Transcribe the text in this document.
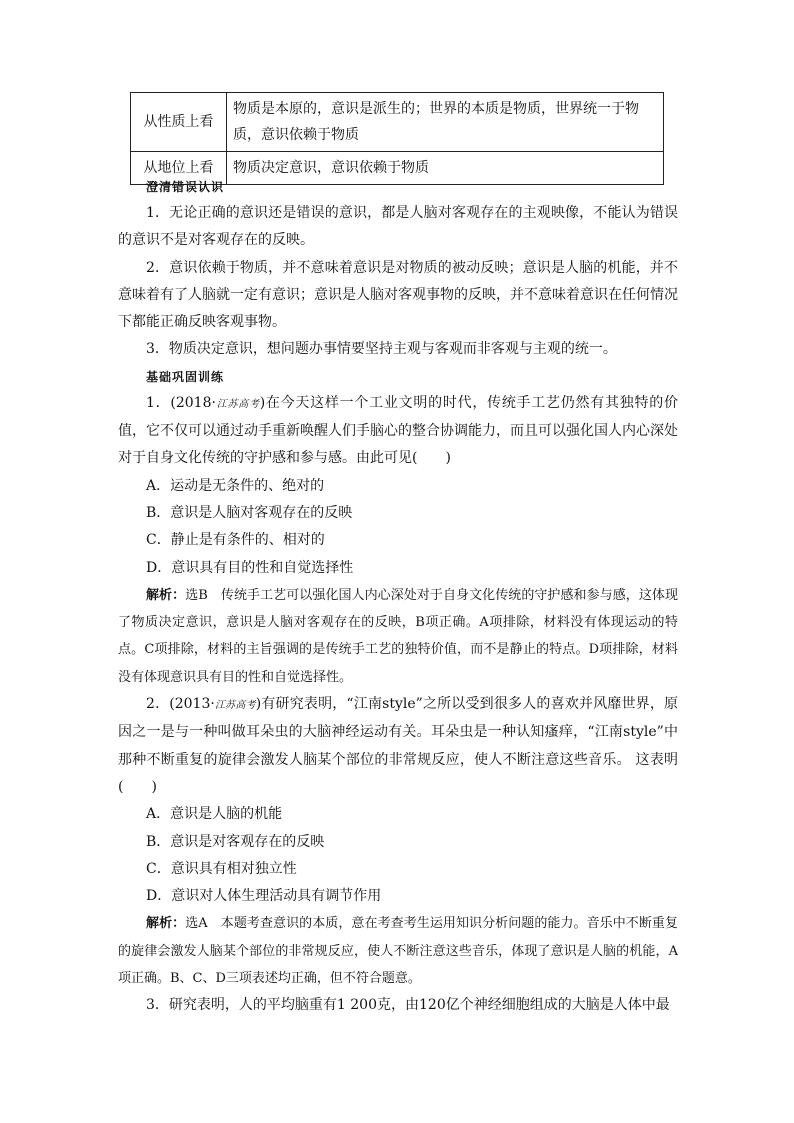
从性质上看	物质是本原的，意识是派生的；世界的本质是物质，世界统一于物质，意识依赖于物质
从地位上看	物质决定意识，意识依赖于物质
澄清错误认识

1．无论正确的意识还是错误的意识，都是人脑对客观存在的主观映像，不能认为错误的意识不是对客观存在的反映。

2．意识依赖于物质，并不意味着意识是对物质的被动反映；意识是人脑的机能，并不意味着有了人脑就一定有意识；意识是人脑对客观事物的反映，并不意味着意识在任何情况下都能正确反映客观事物。

3．物质决定意识，想问题办事情要坚持主观与客观而非客观与主观的统一。

基础巩固训练

1．(2018·江苏高考)在今天这样一个工业文明的时代，传统手工艺仍然有其独特的价值，它不仅可以通过动手重新唤醒人们手脑心的整合协调能力，而且可以强化国人内心深处对于自身文化传统的守护感和参与感。由此可见(　　)

A．运动是无条件的、绝对的

B．意识是人脑对客观存在的反映

C．静止是有条件的、相对的

D．意识具有目的性和自觉选择性

解析：选B　传统手工艺可以强化国人内心深处对于自身文化传统的守护感和参与感，这体现了物质决定意识，意识是人脑对客观存在的反映，B项正确。A项排除，材料没有体现运动的特点。C项排除，材料的主旨强调的是传统手工艺的独特价值，而不是静止的特点。D项排除，材料没有体现意识具有目的性和自觉选择性。

2．(2013·江苏高考)有研究表明，“江南style”之所以受到很多人的喜欢并风靡世界，原因之一是与一种叫做耳朵虫的大脑神经运动有关。耳朵虫是一种认知瘙痒，“江南style”中那种不断重复的旋律会激发人脑某个部位的非常规反应，使人不断注意这些音乐。 这表明(　　)

A．意识是人脑的机能

B．意识是对客观存在的反映

C．意识具有相对独立性

D．意识对人体生理活动具有调节作用

解析：选A　本题考查意识的本质，意在考查考生运用知识分析问题的能力。音乐中不断重复的旋律会激发人脑某个部位的非常规反应，使人不断注意这些音乐，体现了意识是人脑的机能，A项正确。B、C、D三项表述均正确，但不符合题意。

3．研究表明，人的平均脑重有1 200克，由120亿个神经细胞组成的大脑是人体中最
